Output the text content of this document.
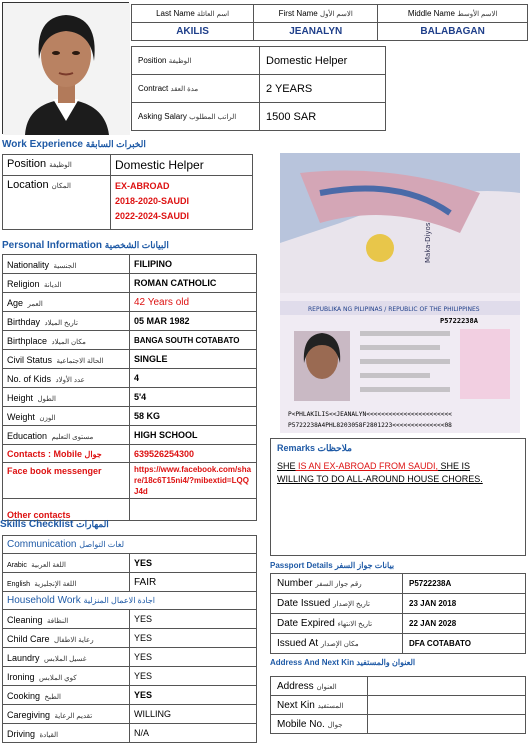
Last Name اسم العائلة	First Name الاسم الأول	Middle Name الاسم الأوسط
AKILIS	JEANALYN	BALABAGAN
Position الوظيفة	Domestic Helper
Contract مدة العقد	2 YEARS
Asking Salary الراتب المطلوب	1500 SAR
Work Experience الخبرات السابقة
Position الوظيفة	Domestic Helper
Location المكان	EX-ABROAD
2018-2020-SAUDI
2022-2024-SAUDI
Personal Information البيانات الشخصية
Nationality الجنسية	FILIPINO
Religion الديانة	ROMAN CATHOLIC
Age العمر	42 Years old
Birthday تاريخ الميلاد	05 MAR 1982
Birthplace مكان الميلاد	BANGA SOUTH COTABATO
Civil Status الحالة الاجتماعية	SINGLE
No. of Kids عدد الأولاد	4
Height الطول	5'4
Weight الوزن	58 KG
Education مستوى التعليم	HIGH SCHOOL
Contacts : Mobile جوال	639526254300
Face book messenger	https://www.facebook.com/share/18c6T15ni4/?mibextid=LQQJ4d
Other contacts	
Skills Checklist المهارات
Communication لغات التواصل	
Arabic اللغة العربية	YES
English اللغة الإنجليزية	FAIR
Household Work اجادة الاعمال المنزلية	
Cleaning النظافة	YES
Child Care رعاية الاطفال	YES
Laundry غسيل الملابس	YES
Ironing كوي الملابس	YES
Cooking الطبخ	YES
Caregiving تقديم الرعاية	WILLING
Driving القيادة	N/A
Maka-Diyos
REPUBLIKA NG PILIPINAS / REPUBLIC OF THE PHILIPPINES
P5722238A
P<PHLAKILIS<<JEANALYN<<<<<<<<<<<<<<<<<<<<<<<
P5722238A4PHL8203058F2801223<<<<<<<<<<<<<<08
Remarks ملاحظات
SHE IS AN EX-ABROAD FROM SAUDI, SHE IS
WILLING TO DO ALL-AROUND HOUSE CHORES.
Passport Details بيانات جواز السفر
Number رقم جواز السفر	P5722238A
Date Issued تاريخ الإصدار	23 JAN 2018
Date Expired تاريخ الانتهاء	22 JAN 2028
Issued At مكان الإصدار	DFA COTABATO
Address And Next Kin العنوان والمستفيد
Address العنوان	
Next Kin المستفيد	
Mobile No. جوال	
